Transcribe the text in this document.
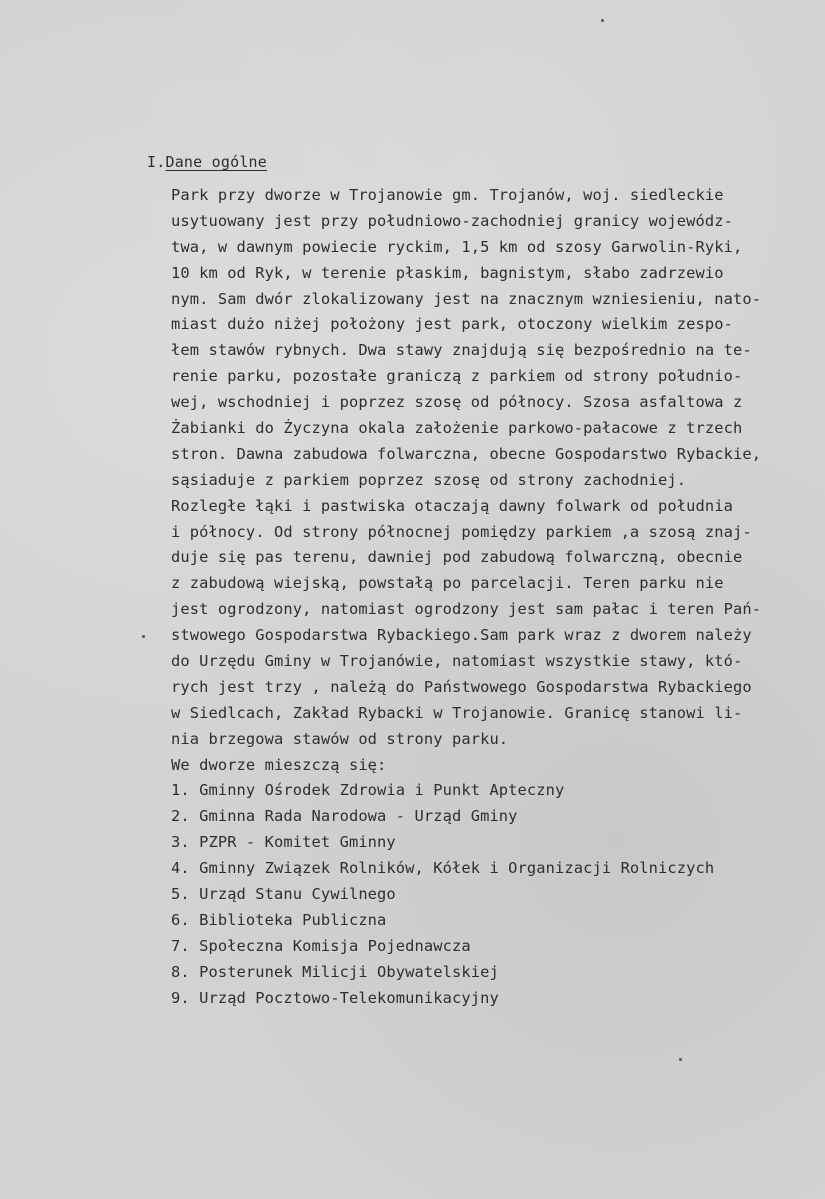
I.Dane ogólne
Park przy dworze w Trojanowie gm. Trojanów, woj. siedleckie
usytuowany jest przy południowo-zachodniej granicy wojewódz-
twa, w dawnym powiecie ryckim, 1,5 km od szosy Garwolin-Ryki,
10 km od Ryk, w terenie płaskim, bagnistym, słabo zadrzewio
nym. Sam dwór zlokalizowany jest na znacznym wzniesieniu, nato-
miast dużo niżej położony jest park, otoczony wielkim zespo-
łem stawów rybnych. Dwa stawy znajdują się bezpośrednio na te-
renie parku, pozostałe graniczą z parkiem od strony południo-
wej, wschodniej i poprzez szosę od północy. Szosa asfaltowa z
Żabianki do Życzyna okala założenie parkowo-pałacowe z trzech
stron. Dawna zabudowa folwarczna, obecne Gospodarstwo Rybackie,
sąsiaduje z parkiem poprzez szosę od strony zachodniej.
Rozległe łąki i pastwiska otaczają dawny folwark od południa
i północy. Od strony północnej pomiędzy parkiem ,a szosą znaj-
duje się pas terenu, dawniej pod zabudową folwarczną, obecnie
z zabudową wiejską, powstałą po parcelacji. Teren parku nie
jest ogrodzony, natomiast ogrodzony jest sam pałac i teren Pań-
stwowego Gospodarstwa Rybackiego.Sam park wraz z dworem należy
do Urzędu Gminy w Trojanówie, natomiast wszystkie stawy, któ-
rych jest trzy , należą do Państwowego Gospodarstwa Rybackiego
w Siedlcach, Zakład Rybacki w Trojanowie. Granicę stanowi li-
nia brzegowa stawów od strony parku.
We dworze mieszczą się:
1. Gminny Ośrodek Zdrowia i Punkt Apteczny
2. Gminna Rada Narodowa - Urząd Gminy
3. PZPR - Komitet Gminny
4. Gminny Związek Rolników, Kółek i Organizacji Rolniczych
5. Urząd Stanu Cywilnego
6. Biblioteka Publiczna
7. Społeczna Komisja Pojednawcza
8. Posterunek Milicji Obywatelskiej
9. Urząd Pocztowo-Telekomunikacyjny
